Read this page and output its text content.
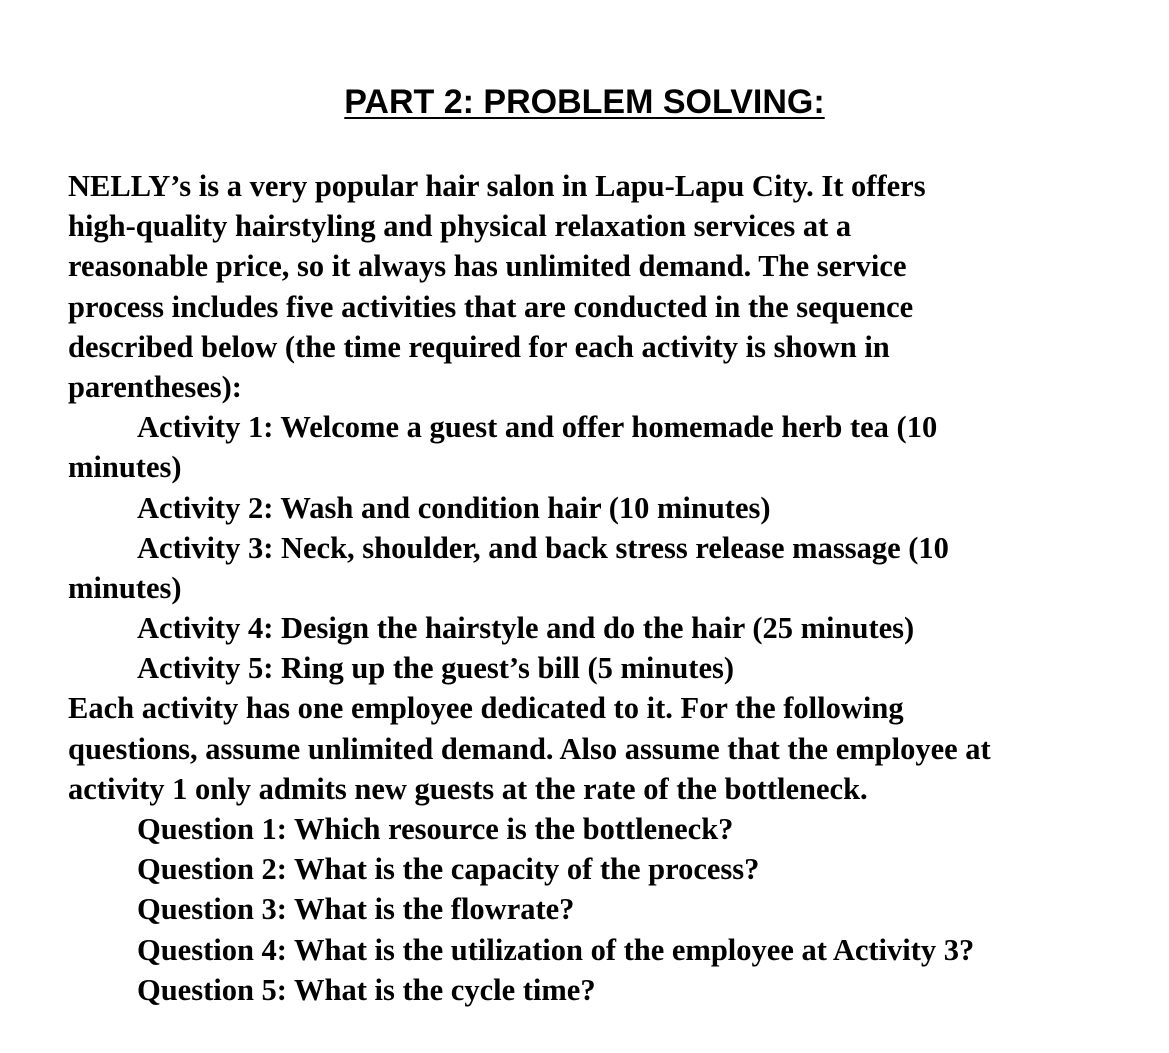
PART 2: PROBLEM SOLVING:
NELLY’s is a very popular hair salon in Lapu-Lapu City. It offers
high-quality hairstyling and physical relaxation services at a
reasonable price, so it always has unlimited demand. The service
process includes five activities that are conducted in the sequence
described below (the time required for each activity is shown in
parentheses):
Activity 1: Welcome a guest and offer homemade herb tea (10
minutes)
Activity 2: Wash and condition hair (10 minutes)
Activity 3: Neck, shoulder, and back stress release massage (10
minutes)
Activity 4: Design the hairstyle and do the hair (25 minutes)
Activity 5: Ring up the guest’s bill (5 minutes)
Each activity has one employee dedicated to it. For the following
questions, assume unlimited demand. Also assume that the employee at
activity 1 only admits new guests at the rate of the bottleneck.
Question 1: Which resource is the bottleneck?
Question 2: What is the capacity of the process?
Question 3: What is the flowrate?
Question 4: What is the utilization of the employee at Activity 3?
Question 5: What is the cycle time?
